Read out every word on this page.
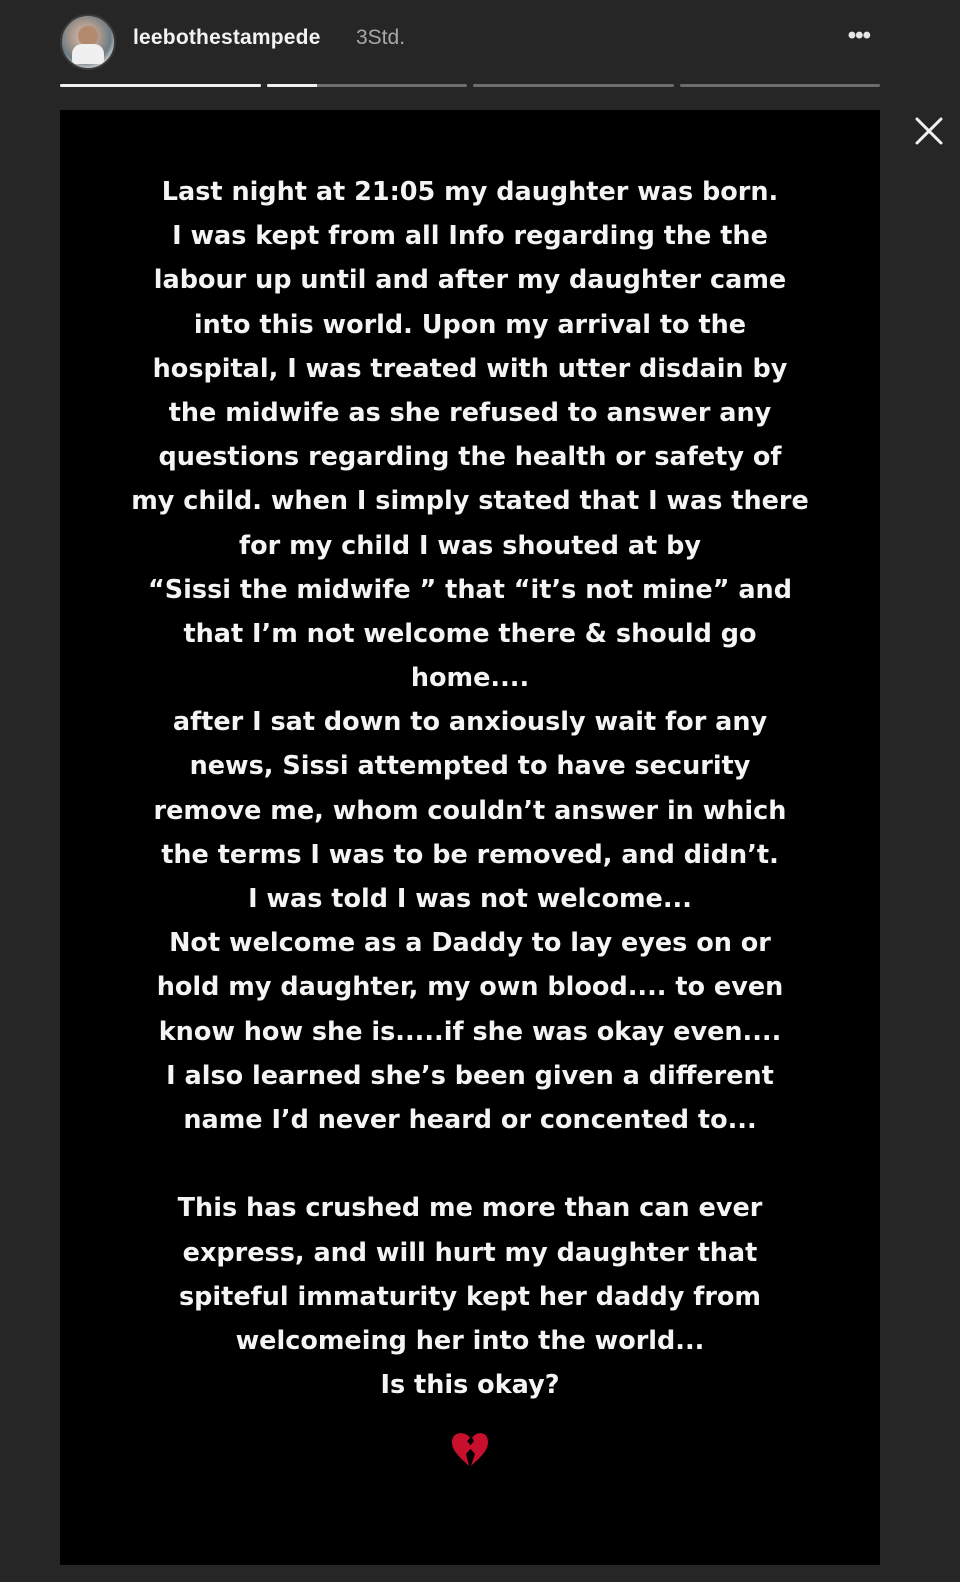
leebothestampede 3Std.	•••

Last night at 21:05 my daughter was born.
I was kept from all Info regarding the the
labour up until and after my daughter came
into this world. Upon my arrival to the
hospital, I was treated with utter disdain by
the midwife as she refused to answer any
questions regarding the health or safety of
my child. when I simply stated that I was there
for my child I was shouted at by
“Sissi the midwife ” that “it’s not mine” and
that I’m not welcome there & should go
home....
after I sat down to anxiously wait for any
news, Sissi attempted to have security
remove me, whom couldn’t answer in which
the terms I was to be removed, and didn’t.
I was told I was not welcome...
Not welcome as a Daddy to lay eyes on or
hold my daughter, my own blood.... to even
know how she is.....if she was okay even....
I also learned she’s been given a different
name I’d never heard or concented to...
This has crushed me more than can ever
express, and will hurt my daughter that
spiteful immaturity kept her daddy from
welcomeing her into the world...
Is this okay?
